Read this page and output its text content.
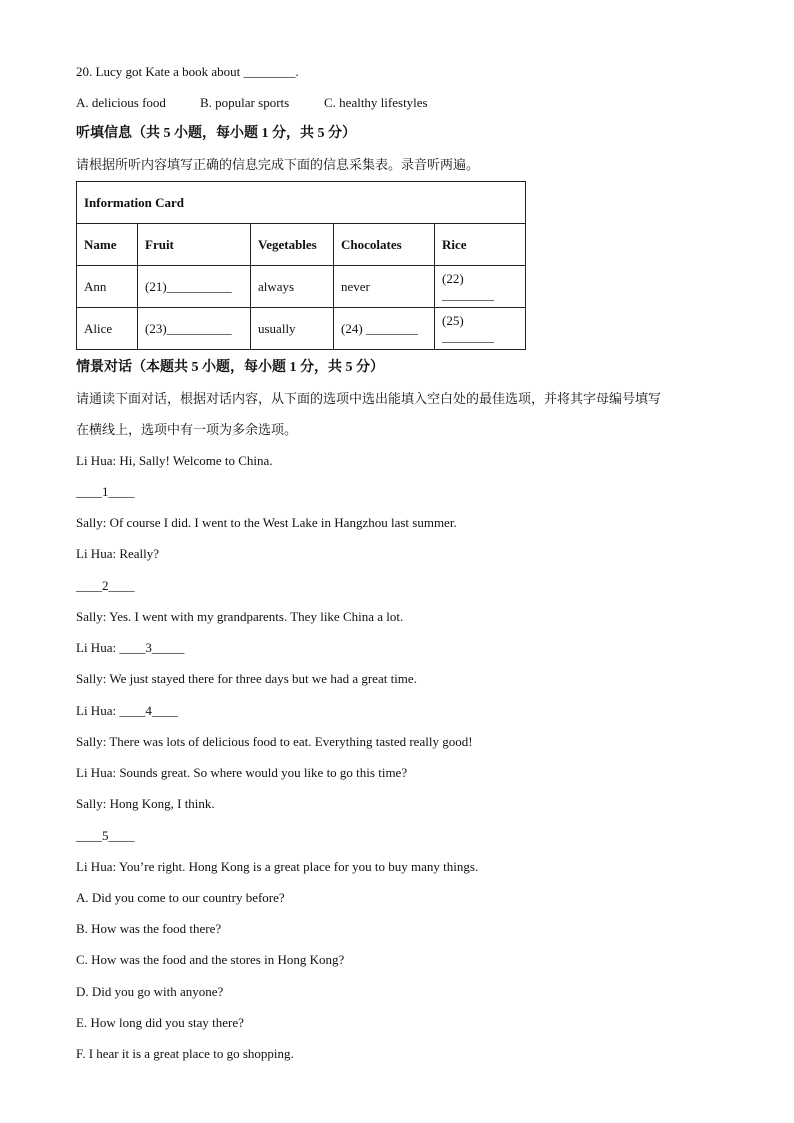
20. Lucy got Kate a book about ________.
A. delicious food	B. popular sports	C. healthy lifestyles
听填信息（共 5 小题，每小题 1 分，共 5 分）
请根据所听内容填写正确的信息完成下面的信息采集表。录音听两遍。
Information Card				
Name	Fruit	Vegetables	Chocolates	Rice
Ann	(21)__________	always	never	(22) ________
Alice	(23)__________	usually	(24) ________	(25) ________
情景对话（本题共 5 小题，每小题 1 分，共 5 分）
请通读下面对话，根据对话内容，从下面的选项中选出能填入空白处的最佳选项，并将其字母编号填写
在横线上，选项中有一项为多余选项。
Li Hua: Hi, Sally! Welcome to China.
____1____
Sally: Of course I did. I went to the West Lake in Hangzhou last summer.
Li Hua: Really?
____2____
Sally: Yes. I went with my grandparents. They like China a lot.
Li Hua: ____3_____
Sally: We just stayed there for three days but we had a great time.
Li Hua: ____4____
Sally: There was lots of delicious food to eat. Everything tasted really good!
Li Hua: Sounds great. So where would you like to go this time?
Sally: Hong Kong, I think.
____5____
Li Hua: You’re right. Hong Kong is a great place for you to buy many things.
A. Did you come to our country before?
B. How was the food there?
C. How was the food and the stores in Hong Kong?
D. Did you go with anyone?
E. How long did you stay there?
F. I hear it is a great place to go shopping.
